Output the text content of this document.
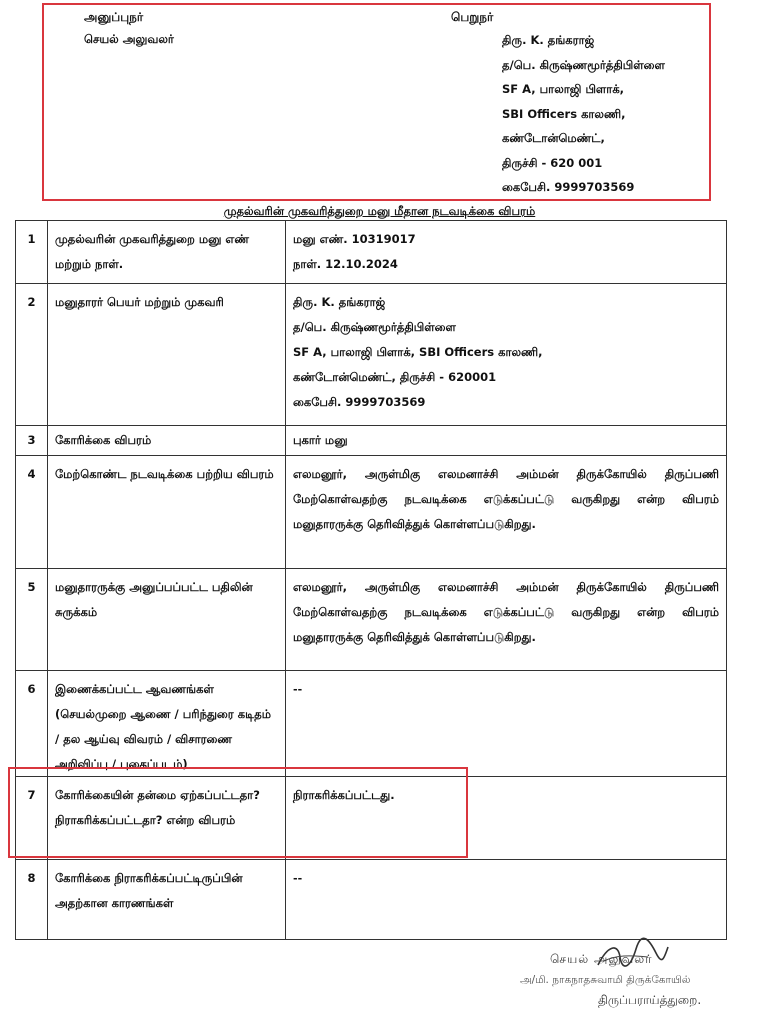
அனுப்புநர்	பெறுநர்
செயல் அலுவலர்	திரு. K. தங்கராஜ்
த/பெ. கிருஷ்ணமூர்த்திபிள்ளை
SF A, பாலாஜி பிளாக்,
SBI Officers காலணி,
கண்டோன்மெண்ட்,
திருச்சி - 620 001
கைபேசி. 9999703569
முதல்வரின் முகவரித்துறை மனு மீதான நடவடிக்கை விபரம்
1	முதல்வரின் முகவரித்துறை மனு எண் மற்றும் நாள்.	மனு எண். 10319017
நாள். 12.10.2024

2	மனுதாரர் பெயர் மற்றும் முகவரி	திரு. K. தங்கராஜ்
த/பெ. கிருஷ்ணமூர்த்திபிள்ளை
SF A, பாலாஜி பிளாக், SBI Officers காலணி,
கண்டோன்மெண்ட், திருச்சி - 620001
கைபேசி. 9999703569

3	கோரிக்கை விபரம்	புகார் மனு
4	மேற்கொண்ட நடவடிக்கை பற்றிய விபரம்	எலமனூர், அருள்மிகு எலமனாச்சி அம்மன் திருக்கோயில் திருப்பணி மேற்கொள்வதற்கு நடவடிக்கை எடுக்கப்பட்டு வருகிறது என்ற விபரம் மனுதாரருக்கு தெரிவித்துக் கொள்ளப்படுகிறது.
5	மனுதாரருக்கு அனுப்பப்பட்ட பதிலின் சுருக்கம்	எலமனூர், அருள்மிகு எலமனாச்சி அம்மன் திருக்கோயில் திருப்பணி மேற்கொள்வதற்கு நடவடிக்கை எடுக்கப்பட்டு வருகிறது என்ற விபரம் மனுதாரருக்கு தெரிவித்துக் கொள்ளப்படுகிறது.
6	இணைக்கப்பட்ட ஆவணங்கள் (செயல்முறை ஆணை / பரிந்துரை கடிதம் / தல ஆய்வு விவரம் / விசாரணை அறிவிப்பு / புகைப்படம்)	--
7	கோரிக்கையின் தன்மை ஏற்கப்பட்டதா? நிராகரிக்கப்பட்டதா? என்ற விபரம்	நிராகரிக்கப்பட்டது.
8	கோரிக்கை நிராகரிக்கப்பட்டிருப்பின் அதற்கான காரணங்கள்	--
செயல் அலுவலர்
அ/மி. நாகநாதசுவாமி திருக்கோயில்
திருப்பராய்த்துறை.
